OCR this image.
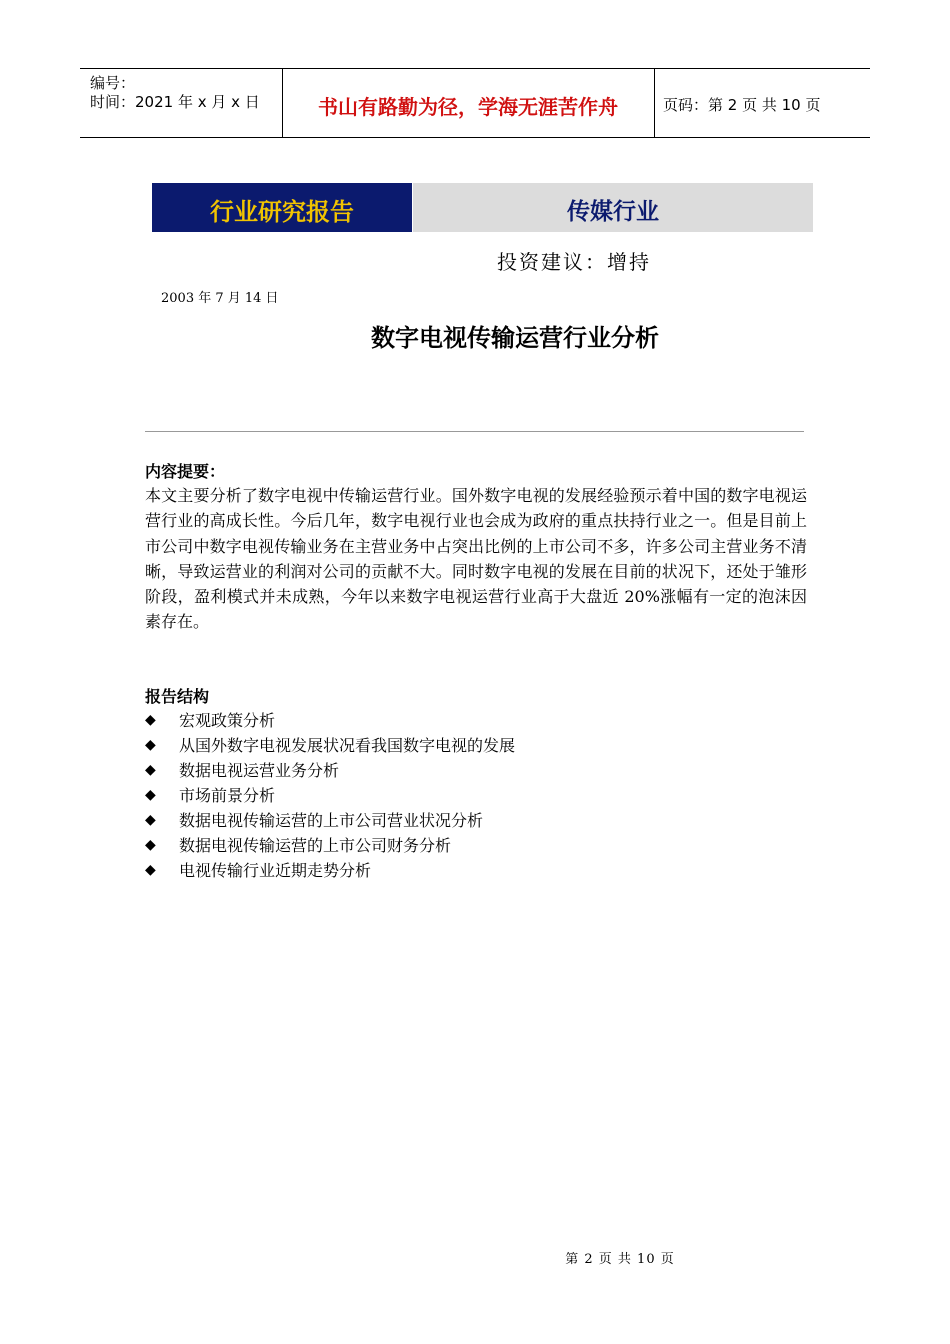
编号：
时间：2021 年 x 月 x 日	书山有路勤为径，学海无涯苦作舟	页码：第 2 页 共 10 页
行业研究报告	传媒行业
投资建议：增持
2003 年 7 月 14 日
数字电视传输运营行业分析
内容提要：
本文主要分析了数字电视中传输运营行业。国外数字电视的发展经验预示着中国的数字电视运营行业的高成长性。今后几年，数字电视行业也会成为政府的重点扶持行业之一。但是目前上市公司中数字电视传输业务在主营业务中占突出比例的上市公司不多，许多公司主营业务不清晰，导致运营业的利润对公司的贡献不大。同时数字电视的发展在目前的状况下，还处于雏形阶段，盈利模式并未成熟，今年以来数字电视运营行业高于大盘近 20%涨幅有一定的泡沫因素存在。
报告结构
◆	宏观政策分析
◆	从国外数字电视发展状况看我国数字电视的发展
◆	数据电视运营业务分析
◆	市场前景分析
◆	数据电视传输运营的上市公司营业状况分析
◆	数据电视传输运营的上市公司财务分析
◆	电视传输行业近期走势分析
第 2 页 共 10 页
